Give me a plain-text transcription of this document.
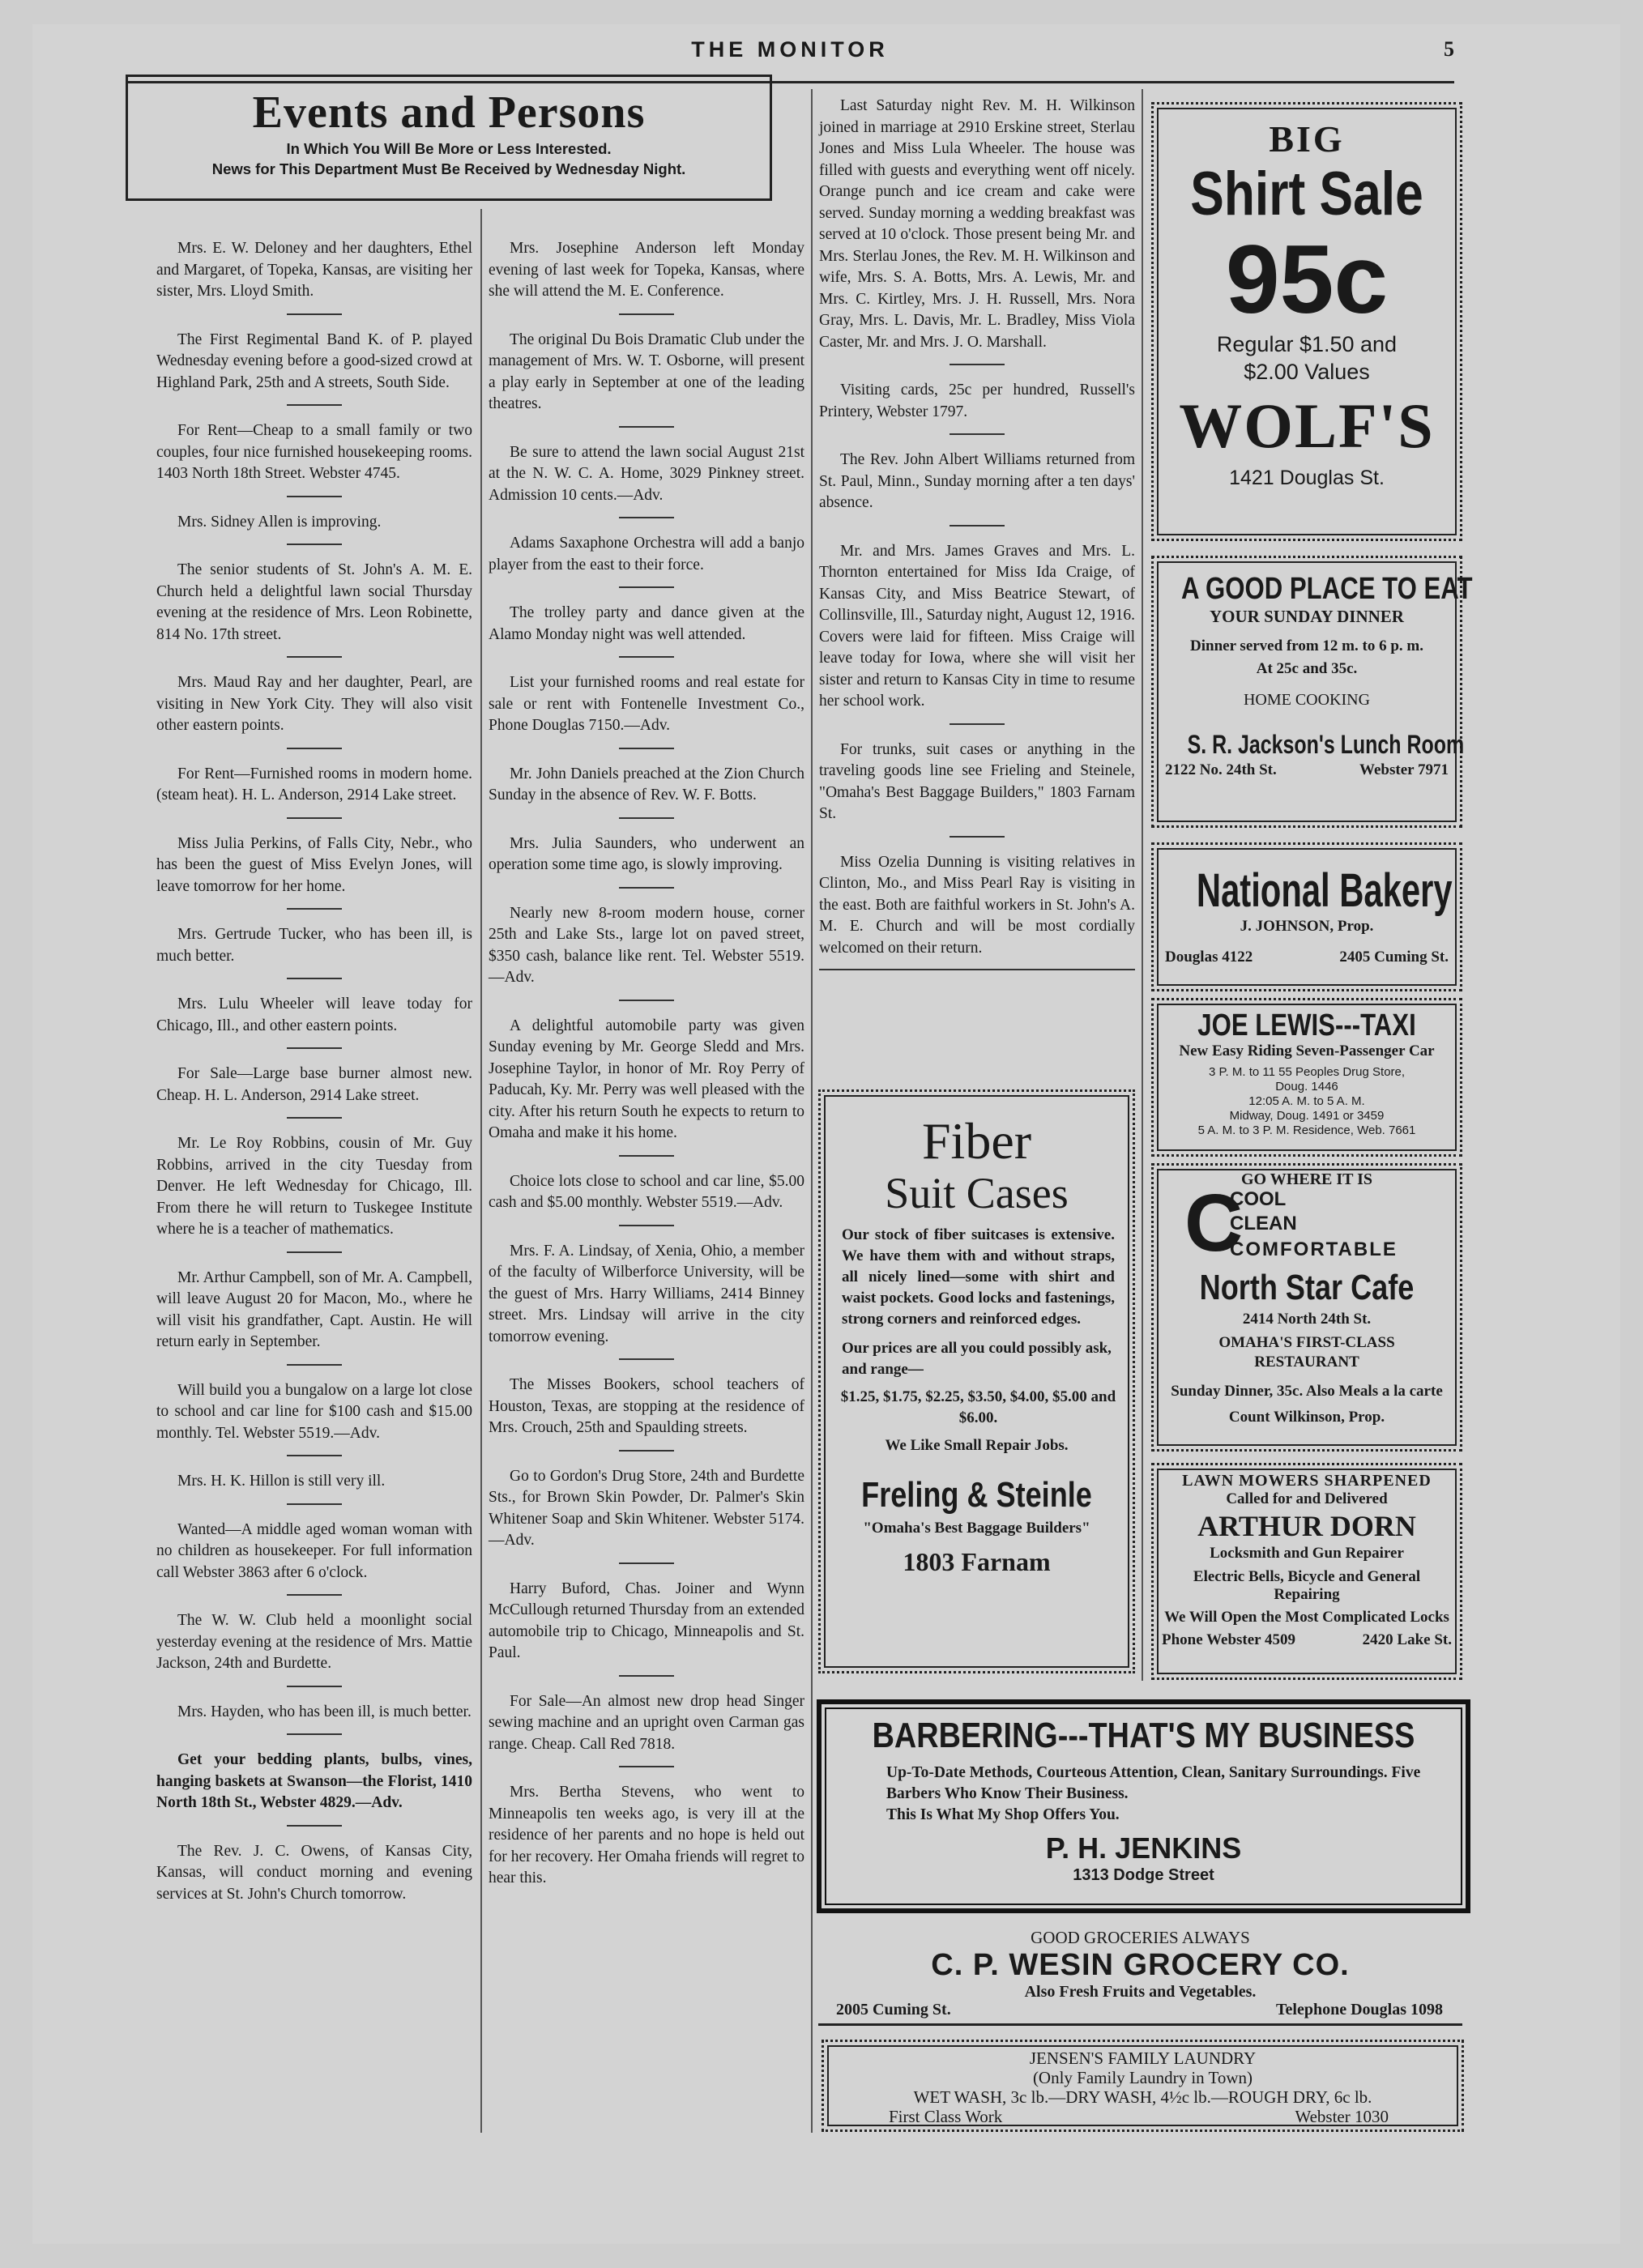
THE MONITOR	5
Events and Persons
In Which You Will Be More or Less Interested.
News for This Department Must Be Received by Wednesday Night.

Mrs. E. W. Deloney and her daughters, Ethel and Margaret, of Topeka, Kansas, are visiting her sister, Mrs. Lloyd Smith.

The First Regimental Band K. of P. played Wednesday evening before a good-sized crowd at Highland Park, 25th and A streets, South Side.

For Rent—Cheap to a small family or two couples, four nice furnished housekeeping rooms. 1403 North 18th Street. Webster 4745.

Mrs. Sidney Allen is improving.

The senior students of St. John's A. M. E. Church held a delightful lawn social Thursday evening at the residence of Mrs. Leon Robinette, 814 No. 17th street.

Mrs. Maud Ray and her daughter, Pearl, are visiting in New York City. They will also visit other eastern points.

For Rent—Furnished rooms in modern home. (steam heat). H. L. Anderson, 2914 Lake street.

Miss Julia Perkins, of Falls City, Nebr., who has been the guest of Miss Evelyn Jones, will leave tomorrow for her home.

Mrs. Gertrude Tucker, who has been ill, is much better.

Mrs. Lulu Wheeler will leave today for Chicago, Ill., and other eastern points.

For Sale—Large base burner almost new. Cheap. H. L. Anderson, 2914 Lake street.

Mr. Le Roy Robbins, cousin of Mr. Guy Robbins, arrived in the city Tuesday from Denver. He left Wednesday for Chicago, Ill. From there he will return to Tuskegee Institute where he is a teacher of mathematics.

Mr. Arthur Campbell, son of Mr. A. Campbell, will leave August 20 for Macon, Mo., where he will visit his grandfather, Capt. Austin. He will return early in September.

Will build you a bungalow on a large lot close to school and car line for $100 cash and $15.00 monthly. Tel. Webster 5519.—Adv.

Mrs. H. K. Hillon is still very ill.

Wanted—A middle aged woman woman with no children as housekeeper. For full information call Webster 3863 after 6 o'clock.

The W. W. Club held a moonlight social yesterday evening at the residence of Mrs. Mattie Jackson, 24th and Burdette.

Mrs. Hayden, who has been ill, is much better.

Get your bedding plants, bulbs, vines, hanging baskets at Swanson—the Florist, 1410 North 18th St., Webster 4829.—Adv.

The Rev. J. C. Owens, of Kansas City, Kansas, will conduct morning and evening services at St. John's Church tomorrow.

Mrs. Josephine Anderson left Monday evening of last week for Topeka, Kansas, where she will attend the M. E. Conference.

The original Du Bois Dramatic Club under the management of Mrs. W. T. Osborne, will present a play early in September at one of the leading theatres.

Be sure to attend the lawn social August 21st at the N. W. C. A. Home, 3029 Pinkney street. Admission 10 cents.—Adv.

Adams Saxaphone Orchestra will add a banjo player from the east to their force.

The trolley party and dance given at the Alamo Monday night was well attended.

List your furnished rooms and real estate for sale or rent with Fontenelle Investment Co., Phone Douglas 7150.—Adv.

Mr. John Daniels preached at the Zion Church Sunday in the absence of Rev. W. F. Botts.

Mrs. Julia Saunders, who underwent an operation some time ago, is slowly improving.

Nearly new 8-room modern house, corner 25th and Lake Sts., large lot on paved street, $350 cash, balance like rent. Tel. Webster 5519.—Adv.

A delightful automobile party was given Sunday evening by Mr. George Sledd and Mrs. Josephine Taylor, in honor of Mr. Roy Perry of Paducah, Ky. Mr. Perry was well pleased with the city. After his return South he expects to return to Omaha and make it his home.

Choice lots close to school and car line, $5.00 cash and $5.00 monthly. Webster 5519.—Adv.

Mrs. F. A. Lindsay, of Xenia, Ohio, a member of the faculty of Wilberforce University, will be the guest of Mrs. Harry Williams, 2414 Binney street. Mrs. Lindsay will arrive in the city tomorrow evening.

The Misses Bookers, school teachers of Houston, Texas, are stopping at the residence of Mrs. Crouch, 25th and Spaulding streets.

Go to Gordon's Drug Store, 24th and Burdette Sts., for Brown Skin Powder, Dr. Palmer's Skin Whitener Soap and Skin Whitener. Webster 5174.—Adv.

Harry Buford, Chas. Joiner and Wynn McCullough returned Thursday from an extended automobile trip to Chicago, Minneapolis and St. Paul.

For Sale—An almost new drop head Singer sewing machine and an upright oven Carman gas range. Cheap. Call Red 7818.

Mrs. Bertha Stevens, who went to Minneapolis ten weeks ago, is very ill at the residence of her parents and no hope is held out for her recovery. Her Omaha friends will regret to hear this.

Last Saturday night Rev. M. H. Wilkinson joined in marriage at 2910 Erskine street, Sterlau Jones and Miss Lula Wheeler. The house was filled with guests and everything went off nicely. Orange punch and ice cream and cake were served. Sunday morning a wedding breakfast was served at 10 o'clock. Those present being Mr. and Mrs. Sterlau Jones, the Rev. M. H. Wilkinson and wife, Mrs. S. A. Botts, Mrs. A. Lewis, Mr. and Mrs. C. Kirtley, Mrs. J. H. Russell, Mrs. Nora Gray, Mrs. L. Davis, Mr. L. Bradley, Miss Viola Caster, Mr. and Mrs. J. O. Marshall.

Visiting cards, 25c per hundred, Russell's Printery, Webster 1797.

The Rev. John Albert Williams returned from St. Paul, Minn., Sunday morning after a ten days' absence.

Mr. and Mrs. James Graves and Mrs. L. Thornton entertained for Miss Ida Craige, of Kansas City, and Miss Beatrice Stewart, of Collinsville, Ill., Saturday night, August 12, 1916. Covers were laid for fifteen. Miss Craige will leave today for Iowa, where she will visit her sister and return to Kansas City in time to resume her school work.

For trunks, suit cases or anything in the traveling goods line see Frieling and Steinele, "Omaha's Best Baggage Builders," 1803 Farnam St.

Miss Ozelia Dunning is visiting relatives in Clinton, Mo., and Miss Pearl Ray is visiting in the east. Both are faithful workers in St. John's A. M. E. Church and will be most cordially welcomed on their return.

Fiber
Suit Cases
Our stock of fiber suitcases is extensive. We have them with and without straps, all nicely lined—some with shirt and waist pockets. Good locks and fastenings, strong corners and reinforced edges.
Our prices are all you could possibly ask, and range—
$1.25, $1.75, $2.25, $3.50, $4.00, $5.00 and $6.00.
We Like Small Repair Jobs.
Freling & Steinle
"Omaha's Best Baggage Builders"
1803 Farnam
BIG
Shirt Sale
95c
Regular $1.50 and
$2.00 Values
WOLF'S
1421 Douglas St.
A GOOD PLACE TO EAT
YOUR SUNDAY DINNER
Dinner served from 12 m. to 6 p. m.
At 25c and 35c.
HOME COOKING
S. R. Jackson's Lunch Room
2122 No. 24th St.	Webster 7971
National Bakery
J. JOHNSON, Prop.
Douglas 4122	2405 Cuming St.
JOE LEWIS---TAXI
New Easy Riding Seven-Passenger Car
3 P. M. to 11 55 Peoples Drug Store,
Doug. 1446
12:05 A. M. to 5 A. M.
Midway, Doug. 1491 or 3459
5 A. M. to 3 P. M. Residence, Web. 7661
GO WHERE IT IS
C
COOL
CLEAN
COMFORTABLE
North Star Cafe
2414 North 24th St.
OMAHA'S FIRST-CLASS
RESTAURANT
Sunday Dinner, 35c. Also Meals a la carte
Count Wilkinson, Prop.
LAWN MOWERS SHARPENED
Called for and Delivered
ARTHUR DORN
Locksmith and Gun Repairer
Electric Bells, Bicycle and General Repairing
We Will Open the Most Complicated Locks
Phone Webster 4509	2420 Lake St.
BARBERING---THAT'S MY BUSINESS
Up-To-Date Methods, Courteous Attention, Clean, Sanitary Surroundings. Five Barbers Who Know Their Business.
This Is What My Shop Offers You.
P. H. JENKINS
1313 Dodge Street
GOOD GROCERIES ALWAYS
C. P. WESIN GROCERY CO.
Also Fresh Fruits and Vegetables.
2005 Cuming St.	Telephone Douglas 1098
JENSEN'S FAMILY LAUNDRY
(Only Family Laundry in Town)
WET WASH, 3c lb.—DRY WASH, 4½c lb.—ROUGH DRY, 6c lb.
First Class Work	Webster 1030
